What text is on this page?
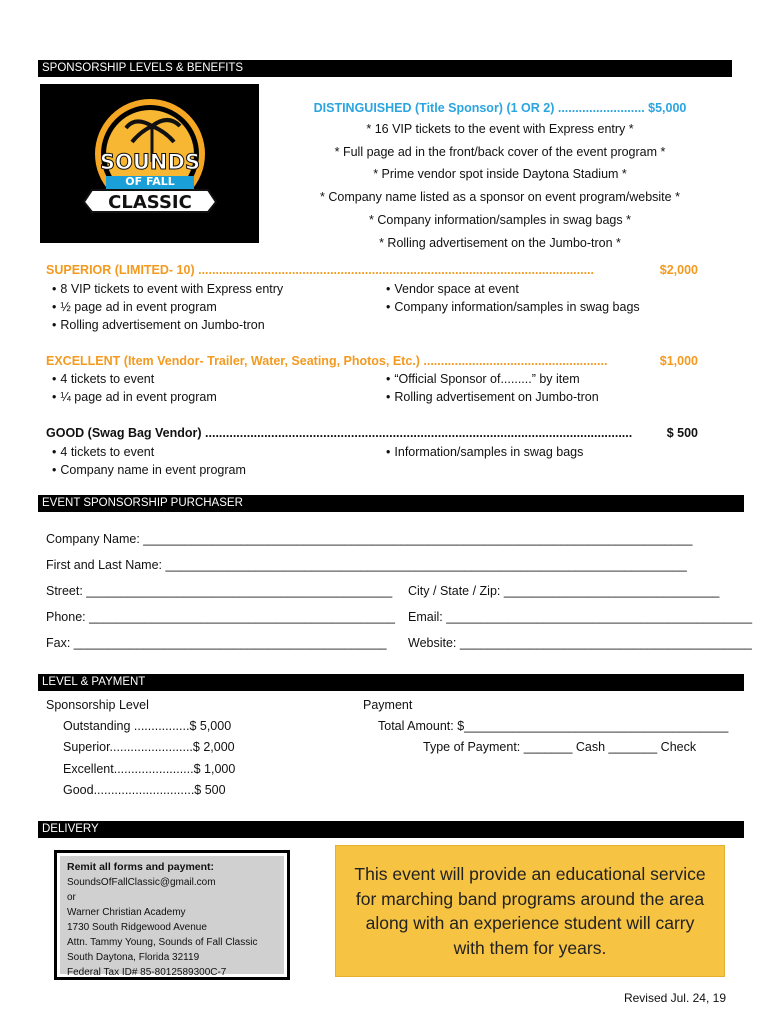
SPONSORSHIP LEVELS & BENEFITS
SOUNDS
OF FALL
CLASSIC
DISTINGUISHED (Title Sponsor) (1 OR 2) ......................... $5,000
* 16 VIP tickets to the event with Express entry *
* Full page ad in the front/back cover of the event program *
* Prime vendor spot inside Daytona Stadium *
* Company name listed as a sponsor on event program/website *
* Company information/samples in swag bags *
* Rolling advertisement on the Jumbo-tron *
SUPERIOR (LIMITED- 10) ..................................................................................................................	$2,000
• 8 VIP tickets to event with Express entry
• ½ page ad in event program
• Rolling advertisement on Jumbo-tron
• Vendor space at event
• Company information/samples in swag bags
EXCELLENT (Item Vendor- Trailer, Water, Seating, Photos, Etc.) .....................................................	$1,000
• 4 tickets to event
• ¼ page ad in event program
• “Official Sponsor of.........” by item
• Rolling advertisement on Jumbo-tron
GOOD (Swag Bag Vendor) ...........................................................................................................................	$ 500
• 4 tickets to event
• Company name in event program
• Information/samples in swag bags
EVENT SPONSORSHIP PURCHASER
Company Name: _______________________________________________________________________________
First and Last Name: ___________________________________________________________________________
Street: ____________________________________________ City / State / Zip: _______________________________
Phone: ____________________________________________ Email: ____________________________________________
Fax: _____________________________________________ Website: __________________________________________
LEVEL & PAYMENT
Sponsorship Level
Outstanding ................$ 5,000
Superior........................$ 2,000
Excellent.......................$ 1,000
Good.............................$ 500
Payment
Total Amount: $______________________________________
Type of Payment: _______ Cash _______ Check
DELIVERY
Remit all forms and payment:
SoundsOfFallClassic@gmail.com
or
Warner Christian Academy
1730 South Ridgewood Avenue
Attn. Tammy Young, Sounds of Fall Classic
South Daytona, Florida 32119
Federal Tax ID# 85-8012589300C-7
This event will provide an educational service for marching band programs around the area along with an experience student will carry with them for years.
Revised Jul. 24, 19
